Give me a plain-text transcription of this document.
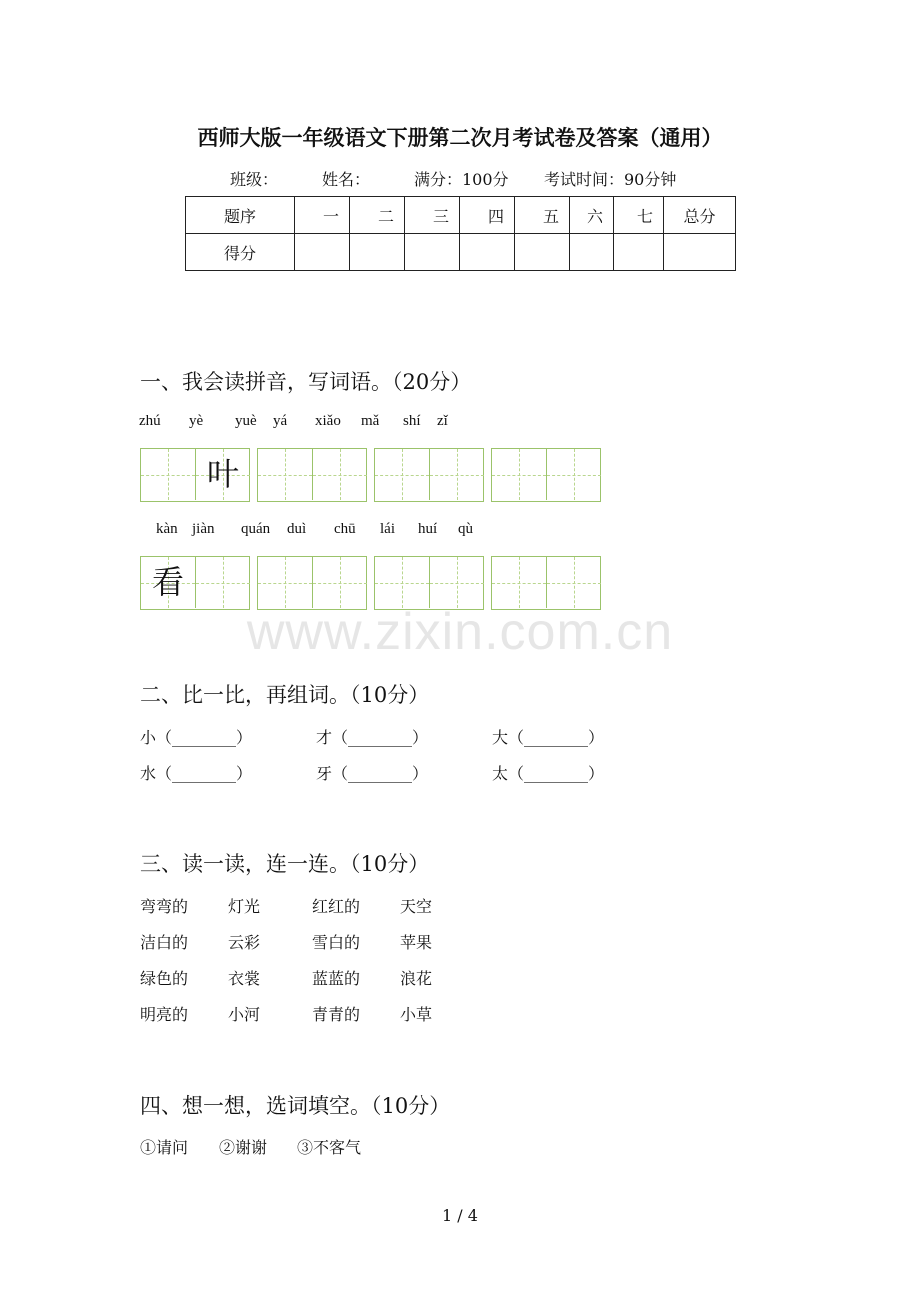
西师大版一年级语文下册第二次月考试卷及答案（通用）
班级：	姓名：	满分：100分 考试时间：90分钟
题序	一	二	三	四	五	六	七	总分
得分								
一、我会读拼音，写词语。（20分）
zhú yè yuè yá xiǎo mǎ shí zǐ
叶
kàn jiàn quán duì chū lái huí qù
看
www.zixin.com.cn
二、比一比，再组词。（10分）
小（________）	才（________）	大（________）
水（________）	牙（________）	太（________）
三、读一读，连一连。（10分）
弯弯的 灯光	红红的 天空
洁白的 云彩	雪白的 苹果
绿色的 衣裳	蓝蓝的 浪花
明亮的 小河	青青的 小草
四、想一想，选词填空。（10分）
①请问 ②谢谢 ③不客气
1 / 4
